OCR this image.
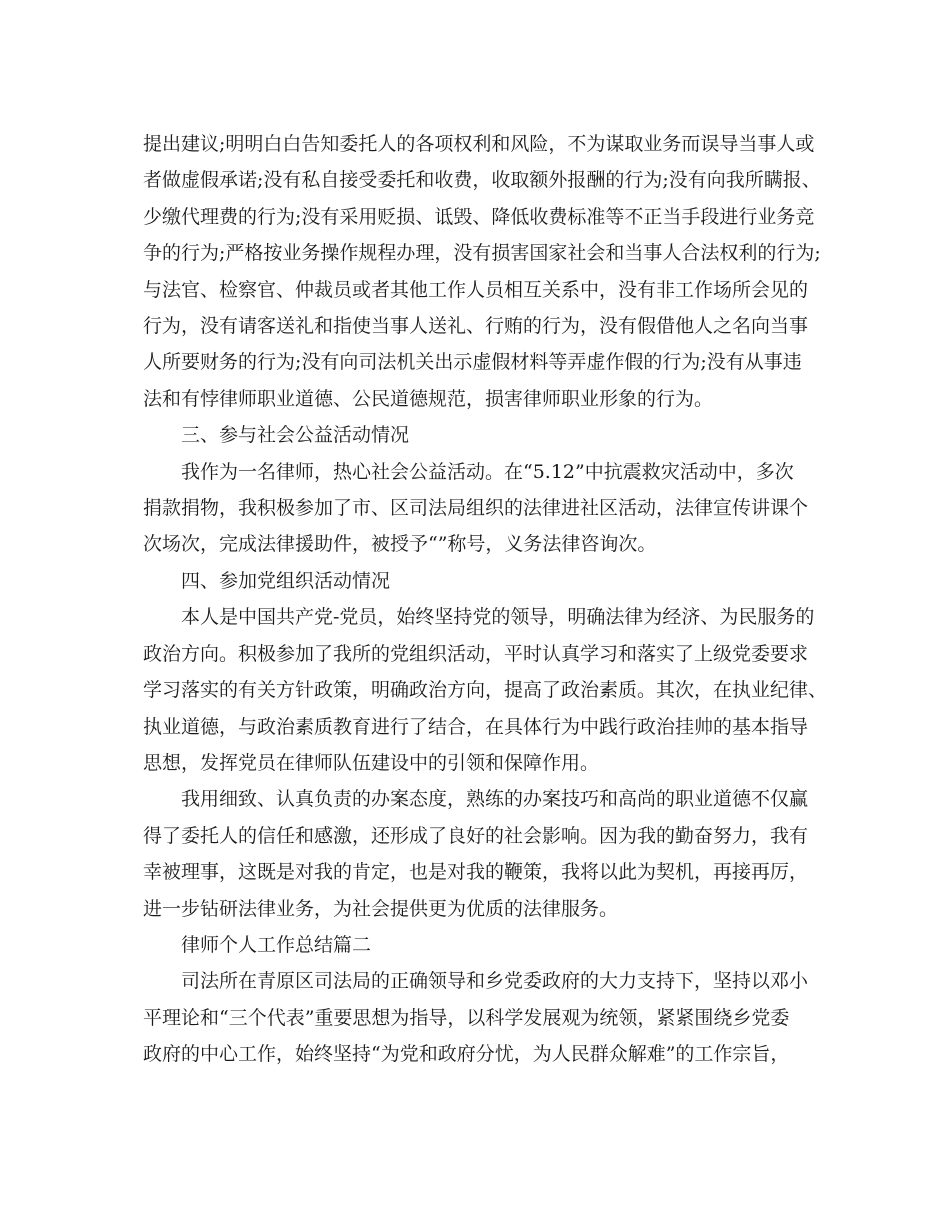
提出建议;明明白白告知委托人的各项权利和风险，不为谋取业务而误导当事人或

者做虚假承诺;没有私自接受委托和收费，收取额外报酬的行为;没有向我所瞒报、

少缴代理费的行为;没有采用贬损、诋毁、降低收费标准等不正当手段进行业务竞

争的行为;严格按业务操作规程办理，没有损害国家社会和当事人合法权利的行为;

与法官、检察官、仲裁员或者其他工作人员相互关系中，没有非工作场所会见的

行为，没有请客送礼和指使当事人送礼、行贿的行为，没有假借他人之名向当事

人所要财务的行为;没有向司法机关出示虚假材料等弄虚作假的行为;没有从事违

法和有悖律师职业道德、公民道德规范，损害律师职业形象的行为。

三、参与社会公益活动情况

我作为一名律师，热心社会公益活动。在“5.12”中抗震救灾活动中，多次

捐款捐物，我积极参加了市、区司法局组织的法律进社区活动，法律宣传讲课个

次场次，完成法律援助件，被授予“”称号，义务法律咨询次。

四、参加党组织活动情况

本人是中国共产党-党员，始终坚持党的领导，明确法律为经济、为民服务的

政治方向。积极参加了我所的党组织活动，平时认真学习和落实了上级党委要求

学习落实的有关方针政策，明确政治方向，提高了政治素质。其次，在执业纪律、

执业道德，与政治素质教育进行了结合，在具体行为中践行政治挂帅的基本指导

思想，发挥党员在律师队伍建设中的引领和保障作用。

我用细致、认真负责的办案态度，熟练的办案技巧和高尚的职业道德不仅赢

得了委托人的信任和感激，还形成了良好的社会影响。因为我的勤奋努力，我有

幸被理事，这既是对我的肯定，也是对我的鞭策，我将以此为契机，再接再厉，

进一步钻研法律业务，为社会提供更为优质的法律服务。

律师个人工作总结篇二

司法所在青原区司法局的正确领导和乡党委政府的大力支持下，坚持以邓小

平理论和“三个代表”重要思想为指导，以科学发展观为统领，紧紧围绕乡党委

政府的中心工作，始终坚持“为党和政府分忧，为人民群众解难”的工作宗旨，
